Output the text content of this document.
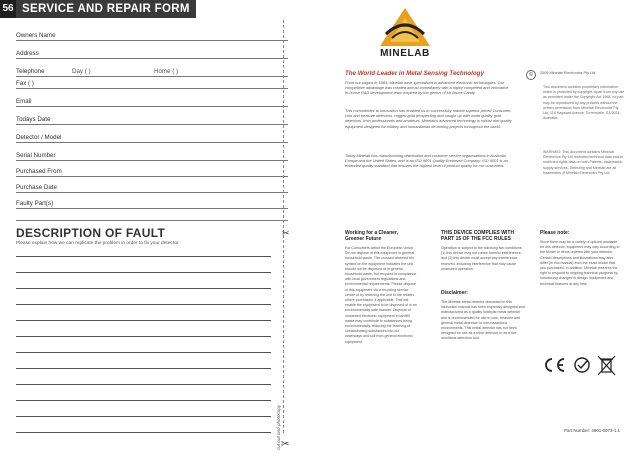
56 SERVICE AND REPAIR FORM
Owners Name
Address
Telephone	Day ( )	Home ( )
Fax ( )
Email
Todays Date
Detector / Model
Serial Number
Purchased From
Purchase Date
Faulty Part(s)
DESCRIPTION OF FAULT
Please explain how we can replicate the problem in order to fix your detector.
cut out and photocopy
✂
✂
MINELAB
The World Leader in Metal Sensing Technology
From our origins in 1985, Minelab have specialised in advanced electronic technologies. Our competitive advantage was created almost immediately with a highly competent and innovative in-house R&D development team inspired by the genius of Mr Bruce Candy.
This commitment to innovation has enabled us to successfully market superior priced Consumer, coin and treasure detectors, rugged gold prospecting and caught up with world quality gold detectors, both professionals and amateurs. Minelab's advanced technology is robust and quality equipment designed for military and humanitarian de-mining projects throughout the world.
Today Minelab has manufacturing distribution and customer service organisations in Australia, Europe and the United States, and is an ISO 9001 Quality Endorsed Company. ISO 9001 is an extended quality standard that ensures the highest level of product quality for our customers.
©	2009 Minelab Electronics Pty Ltd
This document contains proprietary information which is protected by copyright. Apart from any use as permitted under the Copyright Act 1968, no part may be reproduced by any process without the written permission from Minelab Electronics Pty Ltd, 118 Hayward Avenue, Torrensville, SA 5031, Australia.
WARNING: This document contains Minelab Electronics Pty Ltd restricted technical data and/or restricted rights data on both Patents, trademarks, supply services, Detecting and Minelab are all trademarks of Minelab Electronics Pty Ltd.
Working for a Cleaner, Greener Future
For Consumers within the European Union: Do not dispose of this equipment in general household waste. The crossed wheeled bin symbol on the equipment indicates the unit should not be disposed of in general household waste, but recycled in compliance with local government regulations and environmental requirements. Please dispose of this equipment via a recycling service centre or by returning the unit to the retailer where purchased, if applicable. This will enable the equipment to be disposed of in an environmentally safe manner. Disposal of unwanted electronic equipment in landfill waste may contribute to substances being environmentally, reducing the leaching of contaminating substances into our waterways and soil from general electronic equipment.
THIS DEVICE COMPLIES WITH PART 15 OF THE FCC RULES
Operation is subject to the following two conditions: (1) this device may not cause harmful interference, and (2) this device must accept any interference received, including interference that may cause undesired operation.
Disclaimer:
The Minelab metal detector discussed in this instruction manual has been expressly designed and manufactured as a quality hobbyist metal detector and is recommended for use in coin, treasure and general metal detection in non-hazardous environments. This metal detector has not been designed for use as a mine detector or as a live munitions detection tool.
Please note:
Since there may be a variety of options available for this detector, equipment may vary according to the Model or items ordered with your detector. Certain descriptions and illustrations may also differ (in this manual) from the exact model that you purchased. In addition, Minelab reserves the right to respond to ongoing technical progress by introducing changes in design, equipment and technical features at any time.
Part Number: 4901-0073-1.1
